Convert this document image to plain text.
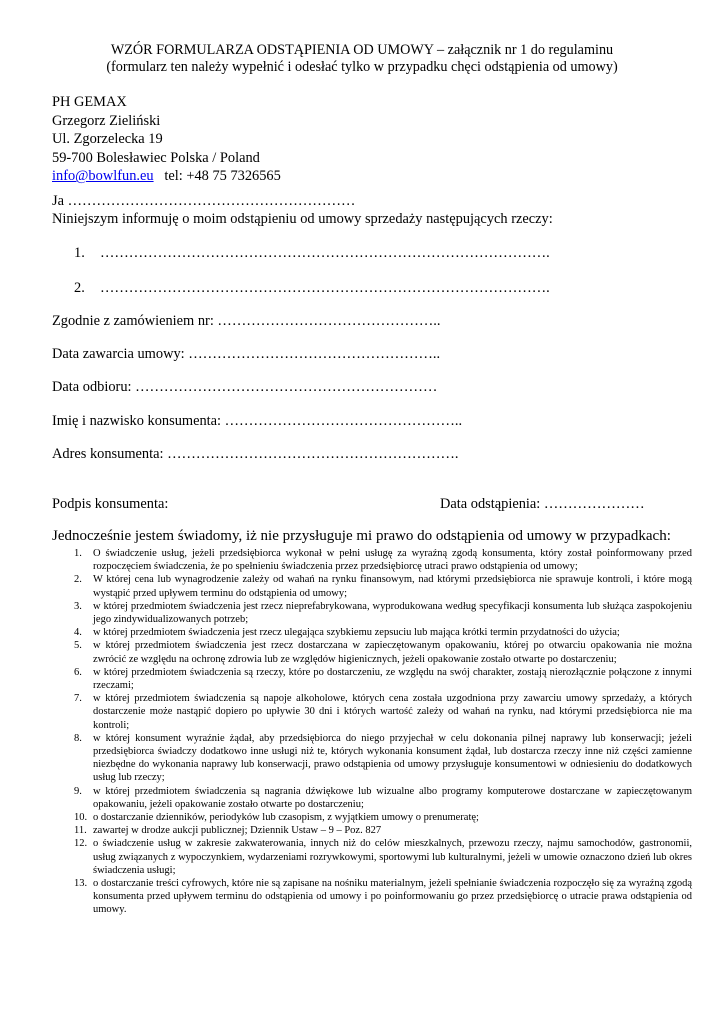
WZÓR FORMULARZA ODSTĄPIENIA OD UMOWY – załącznik nr 1 do regulaminu
(formularz ten należy wypełnić i odesłać tylko w przypadku chęci odstąpienia od umowy)
PH GEMAX
Grzegorz Zieliński
Ul. Zgorzelecka 19
59-700 Bolesławiec Polska / Poland
info@bowlfun.eu tel: +48 75 7326565
Ja ……………………………………………………
Niniejszym informuję o moim odstąpieniu od umowy sprzedaży następujących rzeczy:
1. ………………………………………………………………………………….
2. ………………………………………………………………………………….
Zgodnie z zamówieniem nr: ………………………………………..
Data zawarcia umowy: ……………………………………………..
Data odbioru: ………………………………………………………
Imię i nazwisko konsumenta: …………………………………………..
Adres konsumenta: …………………………………………………….
Podpis konsumenta:	Data odstąpienia: …………………
Jednocześnie jestem świadomy, iż nie przysługuje mi prawo do odstąpienia od umowy w przypadkach:
1. O świadczenie usług, jeżeli przedsiębiorca wykonał w pełni usługę za wyraźną zgodą konsumenta, który został poinformowany przed rozpoczęciem świadczenia, że po spełnieniu świadczenia przez przedsiębiorcę utraci prawo odstąpienia od umowy;
2. W której cena lub wynagrodzenie zależy od wahań na rynku finansowym, nad którymi przedsiębiorca nie sprawuje kontroli, i które mogą wystąpić przed upływem terminu do odstąpienia od umowy;
3. w której przedmiotem świadczenia jest rzecz nieprefabrykowana, wyprodukowana według specyfikacji konsumenta lub służąca zaspokojeniu jego zindywidualizowanych potrzeb;
4. w której przedmiotem świadczenia jest rzecz ulegająca szybkiemu zepsuciu lub mająca krótki termin przydatności do użycia;
5. w której przedmiotem świadczenia jest rzecz dostarczana w zapieczętowanym opakowaniu, której po otwarciu opakowania nie można zwrócić ze względu na ochronę zdrowia lub ze względów higienicznych, jeżeli opakowanie zostało otwarte po dostarczeniu;
6. w której przedmiotem świadczenia są rzeczy, które po dostarczeniu, ze względu na swój charakter, zostają nierozłącznie połączone z innymi rzeczami;
7. w której przedmiotem świadczenia są napoje alkoholowe, których cena została uzgodniona przy zawarciu umowy sprzedaży, a których dostarczenie może nastąpić dopiero po upływie 30 dni i których wartość zależy od wahań na rynku, nad którymi przedsiębiorca nie ma kontroli;
8. w której konsument wyraźnie żądał, aby przedsiębiorca do niego przyjechał w celu dokonania pilnej naprawy lub konserwacji; jeżeli przedsiębiorca świadczy dodatkowo inne usługi niż te, których wykonania konsument żądał, lub dostarcza rzeczy inne niż części zamienne niezbędne do wykonania naprawy lub konserwacji, prawo odstąpienia od umowy przysługuje konsumentowi w odniesieniu do dodatkowych usług lub rzeczy;
9. w której przedmiotem świadczenia są nagrania dźwiękowe lub wizualne albo programy komputerowe dostarczane w zapieczętowanym opakowaniu, jeżeli opakowanie zostało otwarte po dostarczeniu;
10. o dostarczanie dzienników, periodyków lub czasopism, z wyjątkiem umowy o prenumeratę;
11. zawartej w drodze aukcji publicznej; Dziennik Ustaw – 9 – Poz. 827
12. o świadczenie usług w zakresie zakwaterowania, innych niż do celów mieszkalnych, przewozu rzeczy, najmu samochodów, gastronomii, usług związanych z wypoczynkiem, wydarzeniami rozrywkowymi, sportowymi lub kulturalnymi, jeżeli w umowie oznaczono dzień lub okres świadczenia usługi;
13. o dostarczanie treści cyfrowych, które nie są zapisane na nośniku materialnym, jeżeli spełnianie świadczenia rozpoczęło się za wyraźną zgodą konsumenta przed upływem terminu do odstąpienia od umowy i po poinformowaniu go przez przedsiębiorcę o utracie prawa odstąpienia od umowy.
